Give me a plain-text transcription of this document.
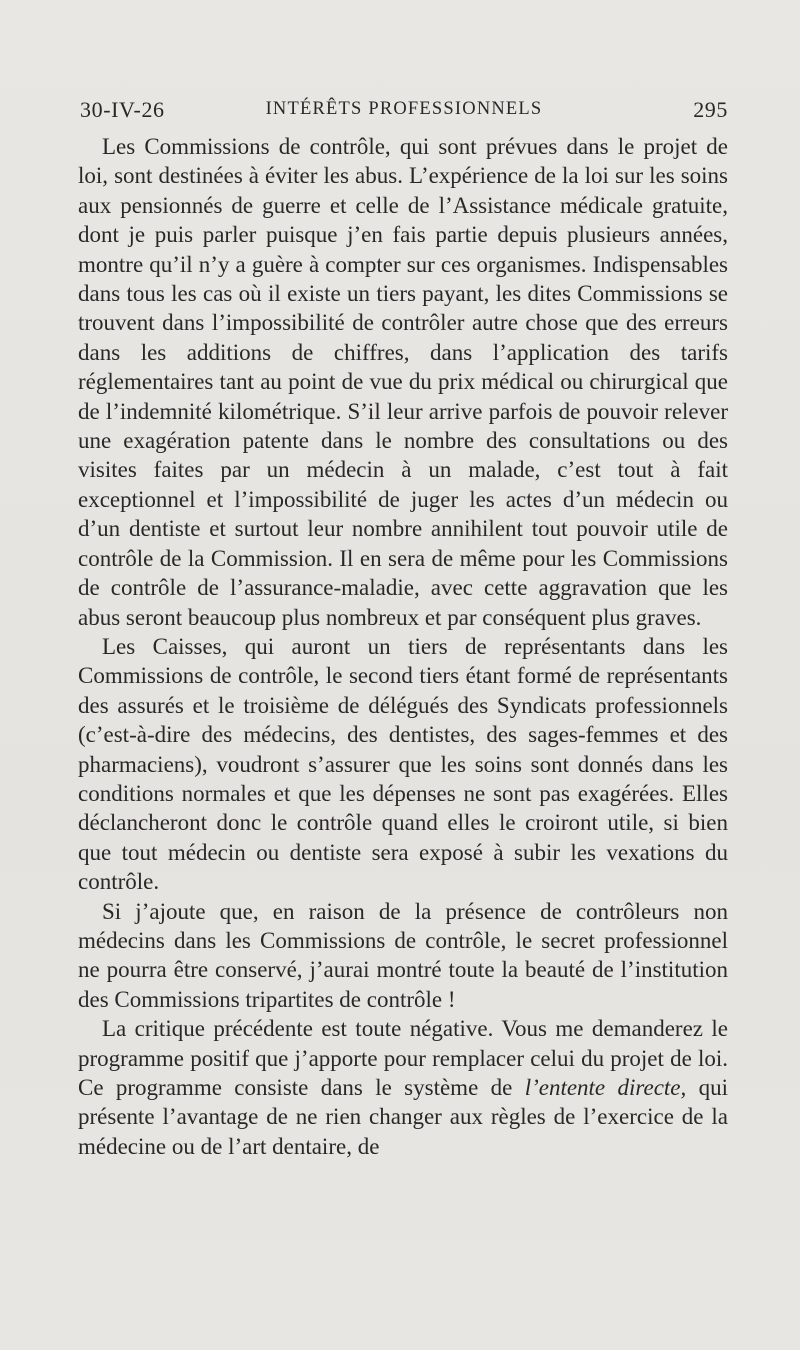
30-IV-26	INTÉRÊTS PROFESSIONNELS	295

Les Commissions de contrôle, qui sont prévues dans le projet de loi, sont destinées à éviter les abus. L’expérience de la loi sur les soins aux pensionnés de guerre et celle de l’Assistance médicale gratuite, dont je puis parler puisque j’en fais partie depuis plusieurs années, montre qu’il n’y a guère à compter sur ces organismes. Indispensables dans tous les cas où il existe un tiers payant, les dites Commissions se trouvent dans l’impossibilité de contrôler autre chose que des erreurs dans les additions de chiffres, dans l’application des tarifs réglementaires tant au point de vue du prix médical ou chirurgical que de l’indemnité kilométrique. S’il leur arrive parfois de pouvoir relever une exagération patente dans le nombre des consultations ou des visites faites par un médecin à un malade, c’est tout à fait exceptionnel et l’impossibilité de juger les actes d’un médecin ou d’un dentiste et surtout leur nombre annihilent tout pouvoir utile de contrôle de la Commission. Il en sera de même pour les Commissions de contrôle de l’assurance-maladie, avec cette aggravation que les abus seront beaucoup plus nombreux et par conséquent plus graves.

Les Caisses, qui auront un tiers de représentants dans les Commissions de contrôle, le second tiers étant formé de représentants des assurés et le troisième de délégués des Syndicats professionnels (c’est-à-dire des médecins, des dentistes, des sages-femmes et des pharmaciens), voudront s’assurer que les soins sont donnés dans les conditions normales et que les dépenses ne sont pas exagérées. Elles déclancheront donc le contrôle quand elles le croiront utile, si bien que tout médecin ou dentiste sera exposé à subir les vexations du contrôle.

Si j’ajoute que, en raison de la présence de contrôleurs non médecins dans les Commissions de contrôle, le secret professionnel ne pourra être conservé, j’aurai montré toute la beauté de l’institution des Commissions tripartites de contrôle !

La critique précédente est toute négative. Vous me demanderez le programme positif que j’apporte pour remplacer celui du projet de loi. Ce programme consiste dans le système de l’entente directe, qui présente l’avantage de ne rien changer aux règles de l’exercice de la médecine ou de l’art dentaire, de
